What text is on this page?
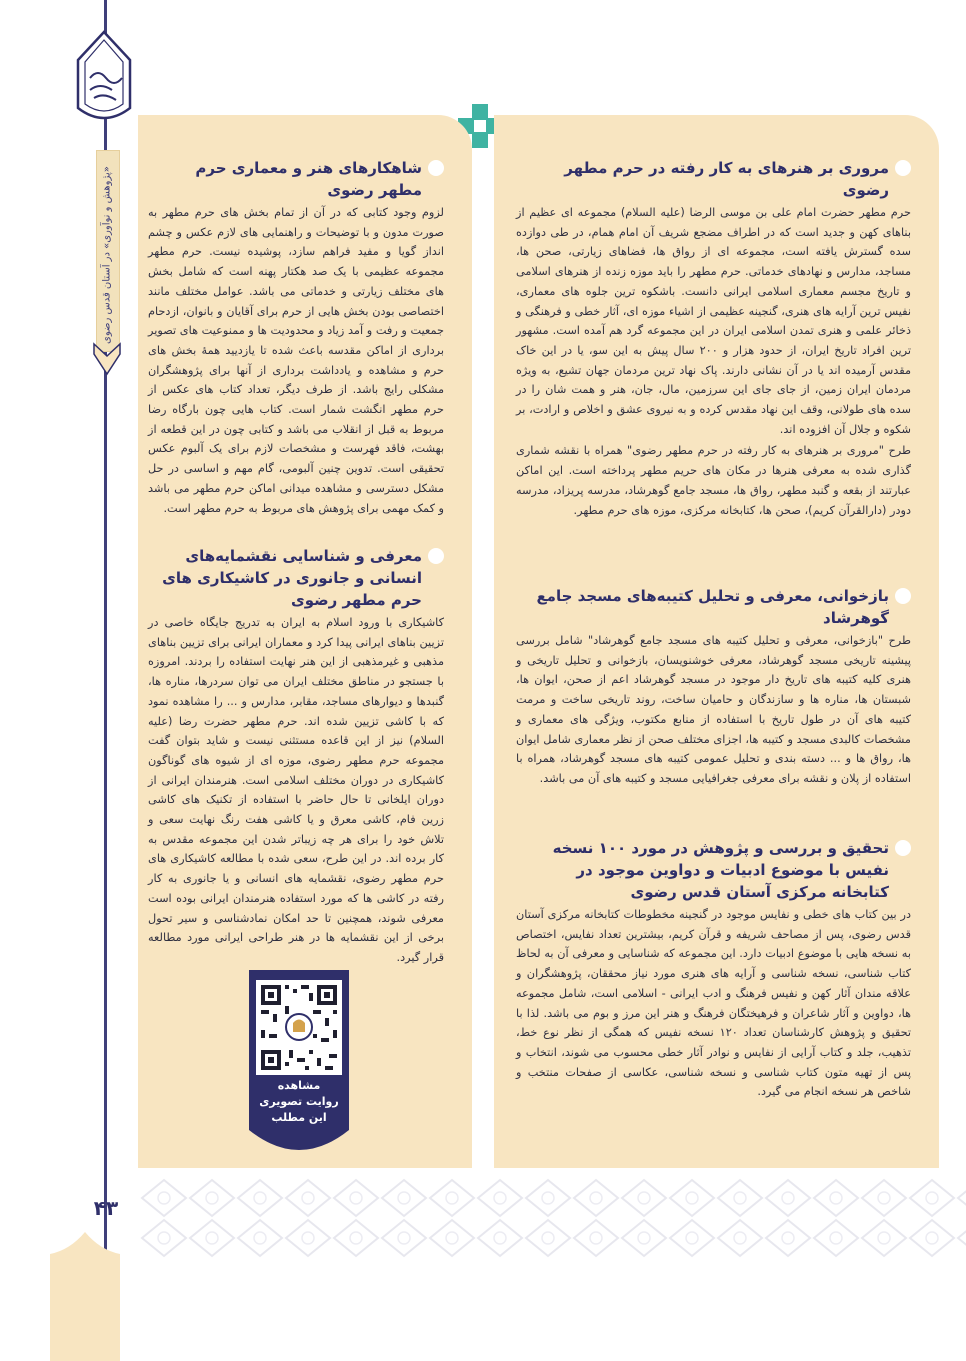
«پژوهش و نوآوری» در آستان قدس رضوی
۴۳
مروری بر هنرهای به کار رفته در حرم مطهر رضوی

حرم مطهر حضرت امام علی بن موسی الرضا (علیه السلام) مجموعه ای عظیم از بناهای کهن و جدید است که در اطراف مضجع شریف آن امام همام، در طی دوازده سده گسترش یافته است، مجموعه ای از رواق ها، فضاهای زیارتی، صحن ها، مساجد، مدارس و نهادهای خدماتی. حرم مطهر را باید موزه زنده از هنرهای اسلامی و تاریخ مجسم معماری اسلامی ایرانی دانست. باشکوه ترین جلوه های معماری، نفیس ترین آرایه های هنری، گنجینه عظیمی از اشیاء موزه ای، آثار خطی و فرهنگی و ذخائر علمی و هنری تمدن اسلامی ایران در این مجموعه گرد هم آمده است. مشهور ترین افراد تاریخ ایران، از حدود هزار و ۲۰۰ سال پیش به این سو، یا در این خاک مقدس آرمیده اند یا در آن نشانی دارند. پاک نهاد ترین مردمان جهان تشیع، به ویژه مردمان ایران زمین، از جای جای این سرزمین، مال، جان، هنر و همت شان را در سده های طولانی، وقف این نهاد مقدس کرده و به نیروی عشق و اخلاص و ارادت، بر شکوه و جلال آن افزوده اند.

طرح "مروری بر هنرهای به کار رفته در حرم مطهر رضوی" همراه با نقشه شماری گذاری شده به معرفی هنرها در مکان های حریم مطهر پرداخته است. این اماکن عبارتند از بقعه و گنبد مطهر، رواق ها، مسجد جامع گوهرشاد، مدرسه پریزاد، مدرسه دودر (دارالقرآن کریم)، صحن ها، کتابخانه مرکزی، موزه های حرم مطهر.

بازخوانی، معرفی و تحلیل کتیبه‌های مسجد جامع گوهرشاد

طرح "بازخوانی، معرفی و تحلیل کتیبه های مسجد جامع گوهرشاد" شامل بررسی پیشینه تاریخی مسجد گوهرشاد، معرفی خوشنویسان، بازخوانی و تحلیل تاریخی و هنری کلیه کتیبه های تاریخ دار موجود در مسجد گوهرشاد اعم از صحن، ایوان ها، شبستان ها، مناره ها و سازندگان و حامیان ساخت، روند تاریخی ساخت و مرمت کتیبه های آن در طول تاریخ با استفاده از منابع مکتوب، ویژگی های معماری و مشخصات کالبدی مسجد و کتیبه ها، اجزای مختلف صحن از نظر معماری شامل ایوان ها، رواق ها و ... دسته بندی و تحلیل عمومی کتیبه های مسجد گوهرشاد، همراه با استفاده از پلان و نقشه برای معرفی جغرافیایی مسجد و کتیبه های آن می باشد.

تحقیق و بررسی و پژوهش در مورد ۱۰۰ نسخه نفیس با موضوع ادبیات و دواوین موجود در کتابخانه مرکزی آستان قدس رضوی

در بین کتاب های خطی و نفایس موجود در گنجینه مخطوطات کتابخانه مرکزی آستان قدس رضوی، پس از مصاحف شریفه و قرآن کریم، بیشترین تعداد نفایس، اختصاص به نسخه هایی با موضوع ادبیات دارد. این مجموعه که شناسایی و معرفی آن به لحاظ کتاب شناسی، نسخه شناسی و آرایه های هنری مورد نیاز محققان، پژوهشگران و علاقه مندان آثار کهن و نفیس فرهنگ و ادب ایرانی - اسلامی است، شامل مجموعه ها، دواوین و آثار شاعران و فرهیختگان فرهنگ و هنر این مرز و بوم می باشد. لذا با تحقیق و پژوهش کارشناسان تعداد ۱۲۰ نسخه نفیس که همگی از نظر نوع خط، تذهیب، جلد و کتاب آرایی از نفایس و نوادر آثار خطی محسوب می شوند، انتخاب و پس از تهیه متون کتاب شناسی و نسخه شناسی، عکاسی از صفحات منتخب و شاخص هر نسخه انجام می گیرد.

شاهکارهای هنر و معماری حرم مطهر رضوی

لزوم وجود کتابی که در آن از تمام بخش های حرم مطهر به صورت مدون و با توضیحات و راهنمایی های لازم عکس و چشم انداز گویا و مفید فراهم سازد، پوشیده نیست. حرم مطهر مجموعه عظیمی با یک صد هکتار پهنه است که شامل بخش های مختلف زیارتی و خدماتی می باشد. عوامل مختلف مانند اختصاصی بودن بخش هایی از حرم برای آقایان و بانوان، ازدحام جمعیت و رفت و آمد زیاد و محدودیت ها و ممنوعیت های تصویر برداری از اماکن مقدسه باعث شده تا یازدیید همهٔ بخش های حرم و مشاهده و یادداشت برداری از آنها برای پژوهشگران مشکلی رایج باشد. از طرف دیگر، تعداد کتاب های عکس از حرم مطهر انگشت شمار است. کتاب هایی چون بارگاه رضا مربوط به قبل از انقلاب می باشد و کتابی چون در این قطعه از بهشت، فاقد فهرست و مشخصات لازم برای یک آلبوم عکس تحقیقی است. تدوین چنین آلبومی، گام مهم و اساسی در حل مشکل دسترسی و مشاهده میدانی اماکن حرم مطهر می باشد و کمک مهمی برای پژوهش های مربوط به حرم مطهر است.

معرفی و شناسایی نقشمایه‌های انسانی و جانوری در کاشیکاری های حرم مطهر رضوی

کاشیکاری با ورود اسلام به ایران به تدریج جایگاه خاصی در تزیین بناهای ایرانی پیدا کرد و معماران ایرانی برای تزیین بناهای مذهبی و غیرمذهبی از این هنر نهایت استفاده را بردند. امروزه با جستجو در مناطق مختلف ایران می توان سردرها، مناره ها، گنبدها و دیوارهای مساجد، مقابر، مدارس و ... را مشاهده نمود که با کاشی تزیین شده اند. حرم مطهر حضرت رضا (علیه السلام) نیز از این قاعده مستثنی نیست و شاید بتوان گفت مجموعه حرم مطهر رضوی، موزه ای از شیوه های گوناگون کاشیکاری در دوران مختلف اسلامی است. هنرمندان ایرانی از دوران ایلخانی تا حال حاضر با استفاده از تکنیک های کاشی زرین فام، کاشی معرق و یا کاشی هفت رنگ نهایت سعی و تلاش خود را برای هر چه زیباتر شدن این مجموعه مقدس به کار برده اند. در این طرح، سعی شده با مطالعه کاشیکاری های حرم مطهر رضوی، نقشمایه های انسانی و یا جانوری به کار رفته در کاشی ها که مورد استفاده هنرمندان ایرانی بوده است معرفی شوند، همچنین تا حد امکان نمادشناسی و سیر تحول برخی از این نقشمایه ها در هنر طراحی ایرانی مورد مطالعه قرار گیرد.

مشاهده
روایت تصویری
این مطلب
